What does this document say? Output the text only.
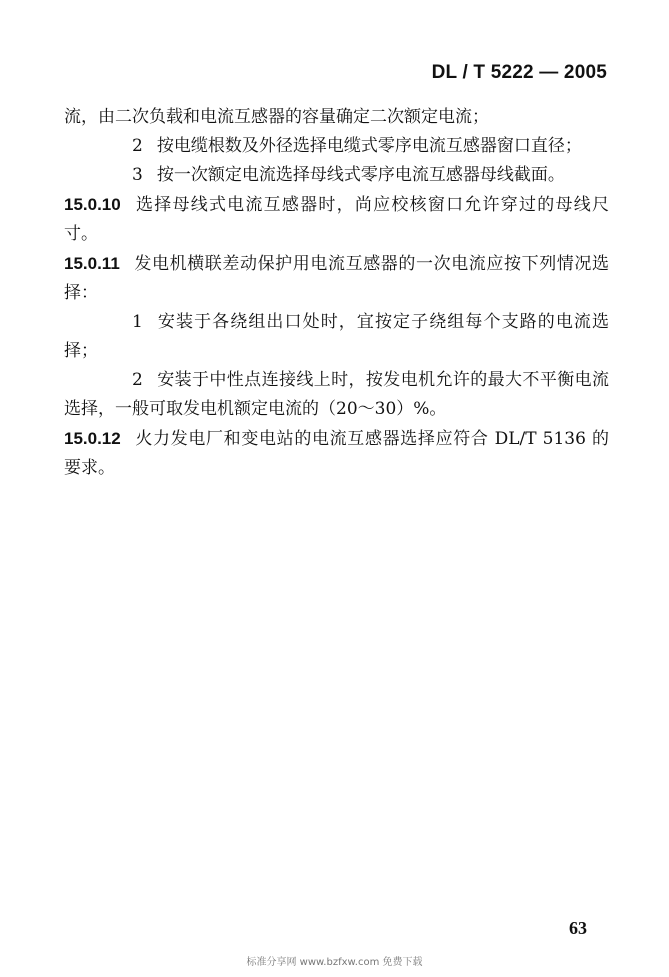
DL / T 5222 — 2005

流，由二次负载和电流互感器的容量确定二次额定电流；

2 按电缆根数及外径选择电缆式零序电流互感器窗口直径；

3 按一次额定电流选择母线式零序电流互感器母线截面。

15.0.10 选择母线式电流互感器时，尚应校核窗口允许穿过的母线尺寸。

15.0.11 发电机横联差动保护用电流互感器的一次电流应按下列情况选择：

1 安装于各绕组出口处时，宜按定子绕组每个支路的电流选择；

2 安装于中性点连接线上时，按发电机允许的最大不平衡电流选择，一般可取发电机额定电流的（20～30）%。

15.0.12 火力发电厂和变电站的电流互感器选择应符合 DL/T 5136 的要求。

63
标准分享网 www.bzfxw.com 免费下载
